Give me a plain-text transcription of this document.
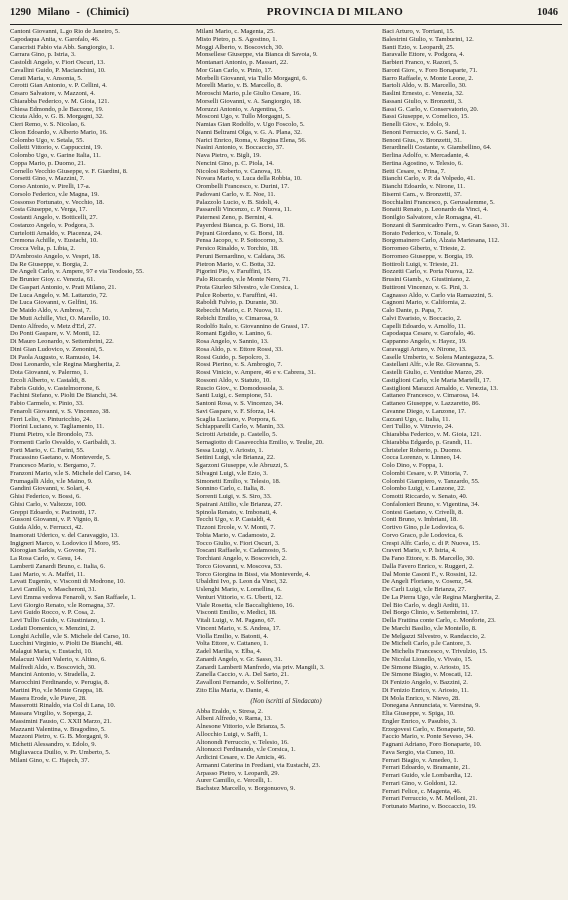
1290 Milano - (Chimici)	PROVINCIA DI MILANO	1046
Cantoni Giovanni, L.go Rio de Janeiro, 5.
Capodaqua Anita, v. Garofalo, 46.
Caracristi Fabio via Abb. Sangiorgio, 1.
Carrara Gino, p. Istria, 3.
Castoldi Angelo, v. Fiori Oscuri, 13.
Cavallini Guido, P. Macianchini, 10.
Cerati Maria, v. Ansonia, 5.
Cerotti Gian Antonio, v. P. Cellini, 4.
Cesaro Salvatore, v. Mazzoni, 4.
Chiarabba Federico, v. M. Gioia, 121.
Chiesa Edmondo, p.le Baccone, 19.
Cicuta Aldo, v. G. B. Morgagni, 32.
Cieri Remo, v. S. Nicolao, 6.
Cleon Edoardo, v. Alberto Mario, 16.
Colombo Ugo, v. Setala, 55.
Colletti Vittorio, v. Cappuccini, 19.
Colombo Ugo, v. Garine Italia, 11.
Coppa Mario, p. Duomo, 21.
Cornello Vecchio Giuseppe, v. F. Giardini, 8.
Corsetti Gino, v. Mazzini, 7.
Corso Antonio, v. Pirelli, 17-a.
Corsolo Federico, v.le Magna, 19.
Cossonso Fortunato, v. Vecchio, 18.
Costa Giuseppe, v. Verga, 17.
Costanti Angelo, v. Botticelli, 27.
Costanzo Angelo, v. Podgora, 3.
Curtelotti Arnaldo, v. Piacenza, 24.
Cremona Achille, v. Eustachi, 10.
Crocca Velia, p. Libia, 2.
D'Ambrosio Angelo, v. Vespri, 18.
Da Re Giuseppe, v. Borgia, 2.
De Angeli Carlo, v. Ampere, 97 e via Teodosio, 55.
De Brunier Gioy. c. Venezia, 61.
De Gaspari Antonio, v. Prati Milano, 21.
De Luca Angelo, v. M. Lattanzio, 72.
De Luca Giovanni, v. Gelfini, 16.
De Maido Aldo, v. Ambrosi, 7.
De Muti Achille, Vici, O. Marello, 10.
Dento Alfredo, v. Metz d'Erl, 27.
Do Ponti Gaspare, v. V. Monti, 12.
Di Mauro Leonardo, v. Settembrini, 22.
Dini Gian Ludovico, v. Zenonini, 5.
Di Paola Augusto, v. Ramusio, 14.
Dosi Leonardo, v.le Regina Margherita, 2.
Dota Giovanni, v. Palermo, 1.
Ercoli Alberto, v. Castaldi, 8.
Fabris Guido, v. Castelmorrone, 6.
Fachini Stefano, v. Piolti De Bianchi, 34.
Fabio Carmelo, v. Pinio, 33.
Fenaroli Giovanni, v. S. Vincenzo, 38.
Ferri Lelio, v. Pinturicchio, 24.
Fiorini Luciano, v. Tagliamento, 11.
Fiumi Pietro, v.le Brondolo, 73.
Formenti Carlo Osvaldo, v. Garibaldi, 3.
Forti Mario, v. C. Farini, 55.
Fracassino Gaetano, v. Monteverde, 5.
Francesco Mario, v. Bergamo, 7.
Franzoni Mario, v.le S. Michele del Carso, 14.
Frumagalli Aldo, v.le Maino, 9.
Gandini Giovanni, v. Solari, 4.
Ghisi Federico, v. Bossi, 6.
Ghisi Carlo, v. Valtezze, 100.
Greppi Edoardo, v. Pacinotti, 17.
Gussoni Giovanni, v. P. Vignio, 8.
Guida Aldo, v. Ferrucci, 42.
Inamorati Uderico, v. del Caravaggio, 13.
Ingigneri Marco, v. Lodovico il Moro, 95.
Kiorogian Sarkis, v. Govone, 71.
La Rosa Carlo, v. Gesu, 14.
Lamberti Zanardi Bruno, c. Italia, 6.
Lasi Mario, v. A. Maffei, 11.
Levati Eugenio, v. Visconti di Modrone, 10.
Levi Camillo, v. Mascheroni, 31.
Levi Emma vedova Fenaroli, v. San Raffaele, 1.
Levi Giorgio Renato, v.le Romagna, 37.
Levi Guido Rocco, v. P. Cosa, 2.
Levi Tullio Guido, v. Giustiniano, 1.
Lodati Domenico, v. Menzini, 2.
Longhi Achille, v.le S. Michele del Carso, 10.
Lucchini Virginio, v. Piolti De Bianchi, 48.
Malagui Maria, v. Eustachi, 10.
Malacuzi Valeri Valerio, v. Altino, 6.
Malfredi Aldo, v. Boscovich, 30.
Mancini Antonio, v. Stradella, 2.
Marocchini Ferdinando, v. Perugia, 8.
Martini Pio, v.le Monte Grappa, 18.
Masera Erode, v.le Piave, 28.
Masserotti Rinaldo, via Col di Lana, 10.
Massara Virgilio, v. Soperga, 2.
Massimini Fausto, C. XXII Marzo, 21.
Mazzanti Valentina, v. Bragodino, 5.
Mazzoni Pietro, v. G. B. Morgagni, 9.
Michetti Alessandro, v. Edolo, 9.
Migliavacca Duilio, v. Pr. Umberto, 5.
Milani Gino, v. C. Hajech, 37.
Milani Mario, c. Magenta, 25.
Misto Pietro, p. S. Agostino, 1.
Moggi Alberto, v. Boscovich, 30.
Monsellese Giuseppe, via Bianca di Savoia, 9.
Montanari Antonio, p. Massari, 22.
Mor Gian Carlo, v. Pinio, 17.
Morbelli Giovanni, via Tullo Morgagni, 6.
Morelli Mario, v. B. Marcello, 8.
Moroschi Mario, p.le Giulio Cesare, 16.
Morselli Giovanni, v. A. Sangiorgio, 18.
Moruzzi Antonio, v. Argentina, 5.
Mosconi Ugo, v. Tullo Morgagni, 5.
Namias Gian Rodolfo, v. Ugo Foscolo, 5.
Nanni Beltrami Olga, v. G. A. Plana, 32.
Narici Enrico, Roma, v. Regina Elena, 56.
Nasini Antonio, v. Boccaccio, 37.
Nava Pietro, v. Bigli, 19.
Nencini Gino, p. C. Piola, 14.
Nicolosi Roberto, v. Canova, 19.
Novara Mario, v. Luca della Robbia, 10.
Orombelli Francesco, v. Durini, 17.
Padovani Carlo, v. E. Noe, 11.
Palazzolo Lucio, v. B. Sidoli, 4.
Passarelli Vincenzo, c. P. Nuova, 11.
Paternesi Zeno, p. Bernini, 4.
Payerdesi Bianca, p. G. Borsi, 18.
Pejrani Giordano, v. G. Borsi, 18.
Pensa Jacopo, v. P. Sottocorno, 3.
Persico Rinaldo, v. Torchio, 18.
Peruni Bernardino, v. Caldara, 36.
Pietron Mario, v. C. Botta, 32.
Pigorini Pio, v. Faruffini, 15.
Palo Riccardo, v.le Monte Nero, 71.
Prota Giurleo Silvestro, v.le Corsica, 1.
Pulce Roberto, v. Faruffini, 41.
Raboldi Fulvio, p. Durante, 30.
Rebecchi Mario, c. P. Nuova, 11.
Rebichi Emilio, v. Cimarosa, 9.
Rodolfo Italo, v. Giovannino de Grassi, 17.
Romani Egidio, v. Lanino, 6.
Rosa Angelo, v. Sannio, 13.
Rosa Aldo, p. v. Ettore Rossi, 33.
Rossi Guido, p. Sepolcro, 3.
Rossi Pierino, v. S. Ambrogio, 7.
Rossi Vinicio, v. Ampere, 46 e v. Cabrera, 31.
Rossoni Aldo, v. Statuto, 10.
Ruscio Giov., v. Domodossola, 3.
Santi Luigi, c. Sempione, 51.
Santoni Rosa, v. S. Vincenzo, 34.
Savi Gaspare, v. F. Sforza, 14.
Scaglia Luciano, v. Porpora, 6.
Schiapparelli Carlo, v. Manin, 33.
Scirotti Aristide, p. Castello, 5.
Sernagiotto di Casavecchia Emilio, v. Teulie, 20.
Sessa Luigi, v. Ariosto, 1.
Settini Luigi, v.le Brianza, 22.
Sgarzoni Giuseppe, v.le Abruzzi, 5.
Silvagni Luigi, v.le Ezio, 3.
Simonetti Emilio, v. Telesio, 18.
Sonnino Carlo, c. Italia, 8.
Sorrenti Luigi, v. S. Siro, 33.
Spairani Attilio, v.le Brianza, 27.
Spinola Renato, v. Imbonati, 4.
Tecchi Ugo, v. P. Castaldi, 4.
Tizzoni Ercole, v. V. Monti, 7.
Tobia Mario, v. Cadamosto, 2.
Tocco Giulio, v. Fiori Oscuri, 3.
Toscani Raffaele, v. Cadamosto, 5.
Torchiani Angelo, v. Boscovich, 2.
Torco Giovanni, v. Moscova, 53.
Torco Giorgina in Bissi, via Monteverde, 4.
Ubaldini Ivo, p. Leon da Vinci, 32.
Uslenghi Mario, v. Lomellina, 6.
Venturi Vittorio, v. G. Uberti, 12.
Viale Rosetta, v.le Baccalighieno, 16.
Visconti Emilio, v. Medici, 18.
Vitali Luigi, v. M. Pagano, 67.
Vincent Mario, v. S. Andrea, 17.
Violla Emilio, v. Batonti, 4.
Volta Ettore, v. Cattaneo, 1.
Zadel Marilia, v. Elba, 4.
Zanardi Angelo, v. Gr. Sasso, 31.
Zanardi Lamberti Manfredo, via priv. Mangili, 3.
Zanella Caccio, v. A. Del Sarto, 21.
Zavalloni Fernando, v. Solferino, 7.
Zito Elia Maria, v. Dante, 4.
(Non iscritti al Sindacato)
Abba Eraldo, v. Stresa, 2.
Albeni Alfredo, v. Rarna, 13.
Alnesone Vittorio, v.le Brianza, 5.
Allocchio Luigi, v. Saffi, 1.
Altonondi Ferruccio, v. Telesio, 16.
Altonucci Ferdinando, v.le Corsica, 1.
Ardicini Cesare, v. De Amicis, 46.
Armanni Caterina in Frediani, via Eustachi, 23.
Arpasso Pietro, v. Leopardi, 29.
Aurer Camillo, c. Vercelli, 1.
Bachstez Marcello, v. Borgonuovo, 9.
Baci Arturo, v. Torriani, 15.
Balestrini Giulio, v. Tamburini, 12.
Banti Ezio, v. Leopardi, 25.
Baravalle Ettore, v. Podgora, 4.
Barbieri Franco, v. Razori, 5.
Baroni Giov., v. Foro Bonaparte, 71.
Barro Raffaele, v. Monte Leone, 2.
Bartoli Aldo, v. B. Marcello, 30.
Baslini Ernesto, c. Venezia, 32.
Bassani Giulio, v. Bronzetti, 3.
Bassi G. Carlo, v. Conservatorio, 20.
Bassi Giuseppe, v. Comelico, 15.
Benelli Giov., v. Edolo, 9.
Benoni Ferruccio, v. G. Sand, 1.
Benoni Gius., v. Bronzetti, 31.
Berardinelli Costante, v. Giambellino, 64.
Berlina Adolfo, v. Mercadante, 4.
Bertina Agostino, v. Telesio, 6.
Betti Cesare, v. Prina, 7.
Bianchi Carlo, v. P. da Volpedo, 41.
Bianchi Edoardo, v. Nirone, 11.
Biserni Cam., v. Bronzetti, 37.
Bocchialini Francesco, p. Gerusalemme, 5.
Bonaiti Renato, p. Leonardo da Vinci, 4.
Bonilgio Salvatore, v.le Romagna, 41.
Bonzani di Sanmicadro Fern., v. Gran Sasso, 31.
Borato Federico, v. Tonale, 9.
Borgomainero Carlo, Alzaia Martesana, 112.
Borromeo Giberto, v. Trieste, 2.
Borromeo Giuseppe, v. Borgia, 19.
Bottiroli Luigi, v. Trieste, 21.
Bozzetti Carlo, v. Porta Nuova, 12.
Brusini Giamb., v. Giustiniano, 2.
Buttironi Vincenzo, v. G. Pini, 3.
Cagnasso Aldo, v. Carlo via Ramazzini, 5.
Cagnoni Mario, v. California, 2.
Calo Dante, p. Papa, 7.
Calvi Evaristo, v. Boccacio, 2.
Capelli Edoardo, v. Arnolfo, 11.
Capodaqua Cesare, v. Garofalo, 46.
Cappanno Angelo, v. Hayez, 19.
Caravaggi Arturo, v. Nirone, 13.
Caselle Umberto, v. Solera Mantegazza, 5.
Castellani Alfr., v.le Re. Giovanna, 5.
Castelli Giulio, c. Ventidue Marzo, 29.
Castiglioni Carlo, v.le Maria Martelli, 17.
Castiglioni Marazzi Arnaldo, c. Venezia, 13.
Cattaneo Francesco, v. Cimarosa, 14.
Cattaneo Giuseppe, v. Lazzaretto, 86.
Cavanne Diego, v. Lanzone, 17.
Cazzani Ugo, c. Italia, 11.
Ceri Tullio, v. Vitruvio, 24.
Chiarabba Federico, v. M. Gioia, 121.
Chiarabba Edgardo, p. Grandi, 11.
Christeler Roberto, p. Duomo.
Cocca Lorenzo, v. Linneo, 14.
Colo Dino, v. Foppa, 1.
Colombi Cesare, v. P. Vittoria, 7.
Colombi Giampiero, v. Tanzardo, 55.
Colombo Luigi, v. Lanzone, 22.
Comotti Riccardo, v. Senato, 40.
Confalonieri Bruno, v. Vigentina, 34.
Contesi Gaetano, v. Crivelli, 8.
Conti Bruno, v. Imbriani, 18.
Cortivo Gino, p.le Lodovica, 6.
Corvo Graco, p.le Lodovica, 6.
Crespi Alfr. Carlo, c. di P. Nuova, 15.
Craveri Mario, v. P. Istria, 4.
Da Fano Ettore, v. B. Marcello, 30.
Dalla Favero Enrico, v. Ruggeri, 2.
Dal Monte Casoni F., v. Rossini, 12.
De Angeli Floriano, v. Cosenz, 54.
De Carli Luigi, v.le Brianza, 27.
De La Pierra Ugo, v.le Regina Margherita, 2.
Del Bio Carlo, v. degli Arditi, 11.
Del Borgo Clinio, v. Settembrini, 17.
Della Frattina conte Carlo, c. Monforte, 23.
De Marchi Basilio, v.le Montello, 8.
De Melgazzi Silvestro, v. Randaccio, 2.
De Micheli Carlo, p.le Cantore, 3.
De Michelis Francesco, v. Trivulzio, 15.
De Nicolai Lionello, v. Vivaio, 15.
De Simone Biagio, v. Ariosto, 15.
De Simone Biagio, v. Moscati, 12.
Di Fenizio Angelo, v. Bazzini, 2.
Di Fenizio Enrico, v. Ariosto, 11.
Di Mola Enrico, v. Nievo, 28.
Donegana Annunciata, v. Varesina, 9.
Elia Giuseppe, v. Spiga, 10.
Engler Enrico, v. Pasubio, 3.
Erzegovesi Carlo, v. Bonaparte, 50.
Faccio Mario, v. Ponte Seveso, 34.
Fagnani Adriano, Foro Bonaparte, 10.
Fava Sergio, via Cuneo, 10.
Ferrari Biagio, v. Amedeo, 1.
Ferrari Edoardo, v. Bramante, 21.
Ferrari Guido, v.le Lombardia, 12.
Ferrari Gino, v. Goldoni, 12.
Ferrari Felice, c. Magenta, 46.
Ferrari Ferruccio, v. M. Melloni, 21.
Fortunato Marino, v. Boccaccio, 19.
